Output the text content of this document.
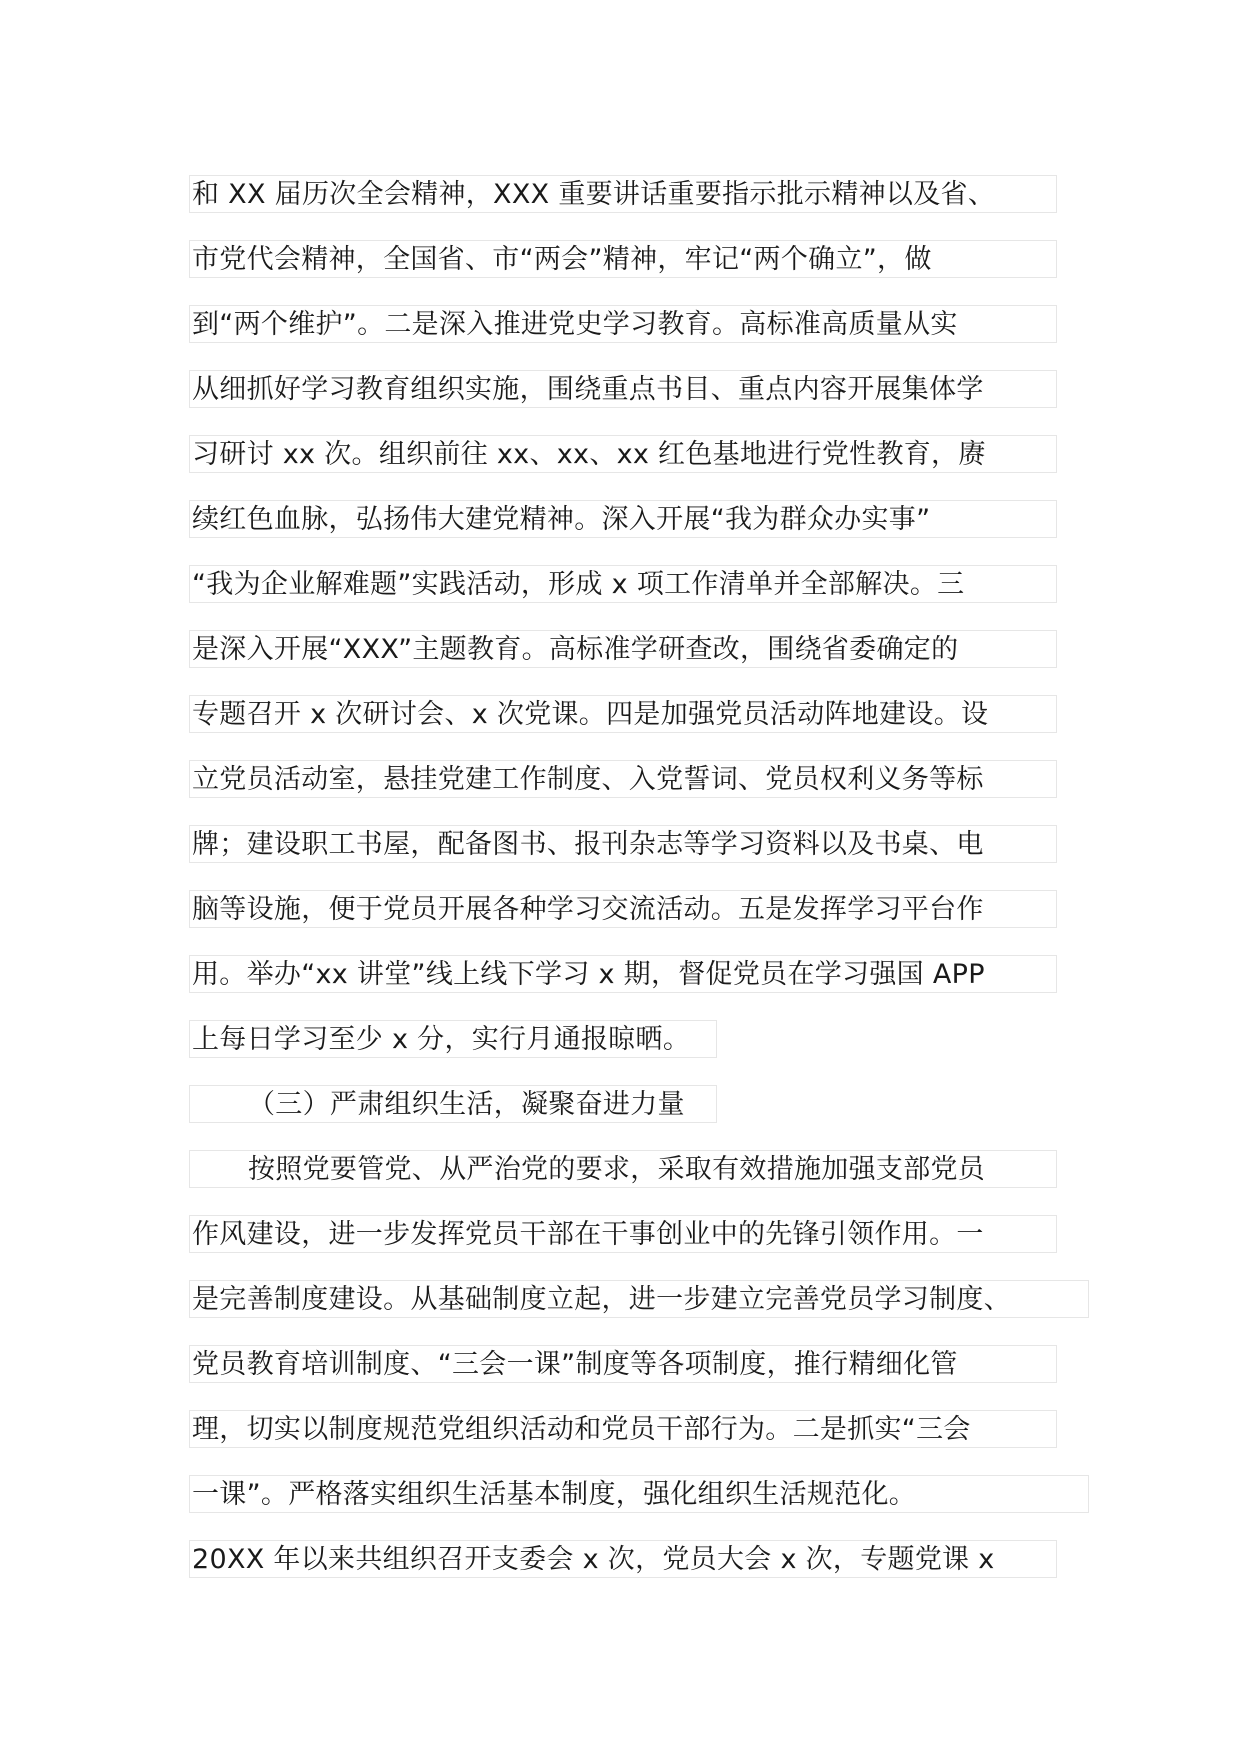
和 XX 届历次全会精神，XXX 重要讲话重要指示批示精神以及省、
市党代会精神，全国省、市“两会”精神，牢记“两个确立”，做
到“两个维护”。二是深入推进党史学习教育。高标准高质量从实
从细抓好学习教育组织实施，围绕重点书目、重点内容开展集体学
习研讨 xx 次。组织前往 xx、xx、xx 红色基地进行党性教育，赓
续红色血脉，弘扬伟大建党精神。深入开展“我为群众办实事”
“我为企业解难题”实践活动，形成 x 项工作清单并全部解决。三
是深入开展“XXX”主题教育。高标准学研查改，围绕省委确定的
专题召开 x 次研讨会、x 次党课。四是加强党员活动阵地建设。设
立党员活动室，悬挂党建工作制度、入党誓词、党员权利义务等标
牌；建设职工书屋，配备图书、报刊杂志等学习资料以及书桌、电
脑等设施，便于党员开展各种学习交流活动。五是发挥学习平台作
用。举办“xx 讲堂”线上线下学习 x 期，督促党员在学习强国 APP
上每日学习至少 x 分，实行月通报晾晒。
（三）严肃组织生活，凝聚奋进力量
按照党要管党、从严治党的要求，采取有效措施加强支部党员
作风建设，进一步发挥党员干部在干事创业中的先锋引领作用。一
是完善制度建设。从基础制度立起，进一步建立完善党员学习制度、
党员教育培训制度、“三会一课”制度等各项制度，推行精细化管
理，切实以制度规范党组织活动和党员干部行为。二是抓实“三会
一课”。严格落实组织生活基本制度，强化组织生活规范化。
20XX 年以来共组织召开支委会 x 次，党员大会 x 次，专题党课 x
